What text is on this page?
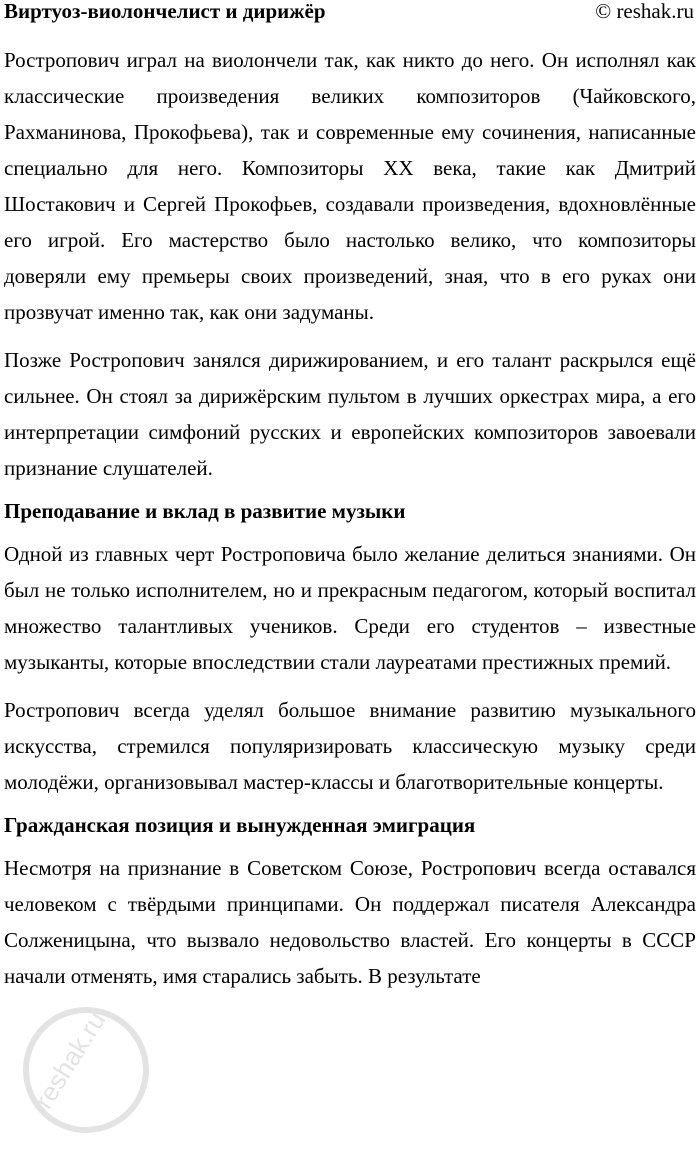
Виртуоз-виолончелист и дирижёр	© reshak.ru

Ростропович играл на виолончели так, как никто до него. Он исполнял как классические произведения великих композиторов (Чайковского, Рахманинова, Прокофьева), так и современные ему сочинения, написанные специально для него. Композиторы XX века, такие как Дмитрий Шостакович и Сергей Прокофьев, создавали произведения, вдохновлённые его игрой. Его мастерство было настолько велико, что композиторы доверяли ему премьеры своих произведений, зная, что в его руках они прозвучат именно так, как они задуманы.

Позже Ростропович занялся дирижированием, и его талант раскрылся ещё сильнее. Он стоял за дирижёрским пультом в лучших оркестрах мира, а его интерпретации симфоний русских и европейских композиторов завоевали признание слушателей.

Преподавание и вклад в развитие музыки

Одной из главных черт Ростроповича было желание делиться знаниями. Он был не только исполнителем, но и прекрасным педагогом, который воспитал множество талантливых учеников. Среди его студентов – известные музыканты, которые впоследствии стали лауреатами престижных премий.

Ростропович всегда уделял большое внимание развитию музыкального искусства, стремился популяризировать классическую музыку среди молодёжи, организовывал мастер-классы и благотворительные концерты.

Гражданская позиция и вынужденная эмиграция

Несмотря на признание в Советском Союзе, Ростропович всегда оставался человеком с твёрдыми принципами. Он поддержал писателя Александра Солженицына, что вызвало недовольство властей. Его концерты в СССР начали отменять, имя старались забыть. В результате

reshak.ru
